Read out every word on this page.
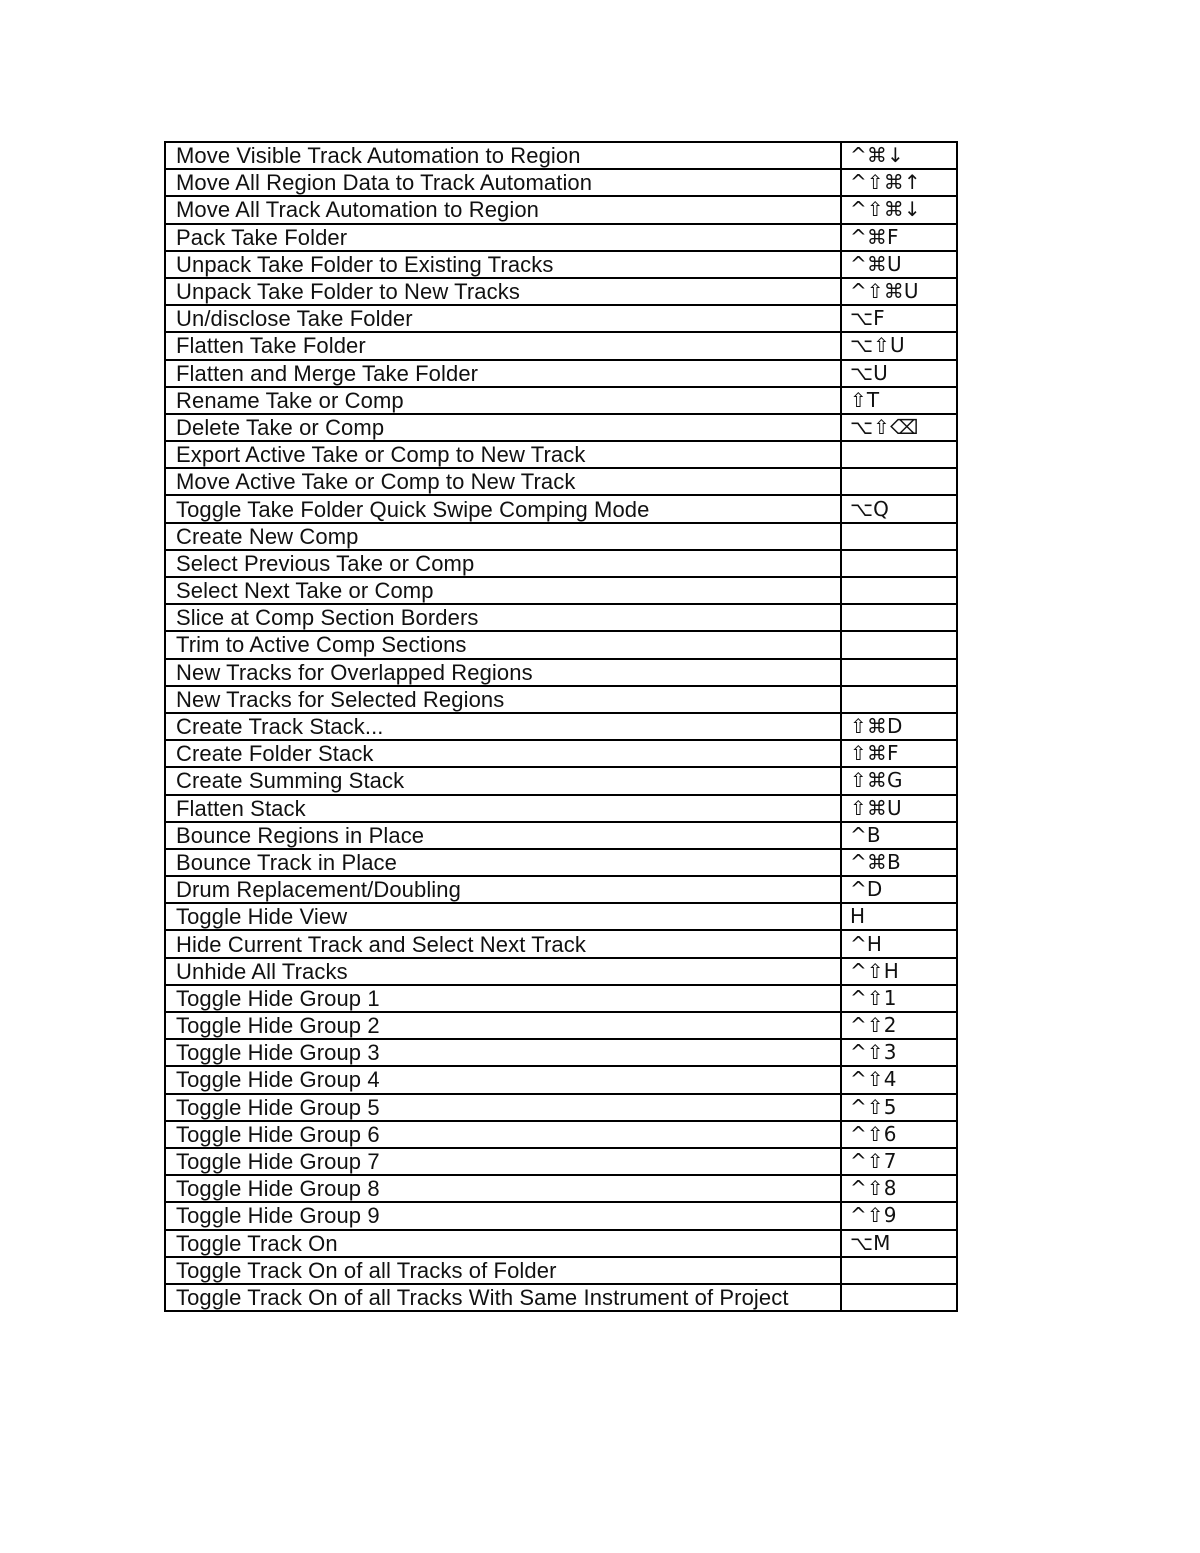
Move Visible Track Automation to Region	^⌘↓
Move All Region Data to Track Automation	^⇧⌘↑
Move All Track Automation to Region	^⇧⌘↓
Pack Take Folder	^⌘F
Unpack Take Folder to Existing Tracks	^⌘U
Unpack Take Folder to New Tracks	^⇧⌘U
Un/disclose Take Folder	⌥F
Flatten Take Folder	⌥⇧U
Flatten and Merge Take Folder	⌥U
Rename Take or Comp	⇧T
Delete Take or Comp	⌥⇧⌫
Export Active Take or Comp to New Track	
Move Active Take or Comp to New Track	
Toggle Take Folder Quick Swipe Comping Mode	⌥Q
Create New Comp	
Select Previous Take or Comp	
Select Next Take or Comp	
Slice at Comp Section Borders	
Trim to Active Comp Sections	
New Tracks for Overlapped Regions	
New Tracks for Selected Regions	
Create Track Stack...	⇧⌘D
Create Folder Stack	⇧⌘F
Create Summing Stack	⇧⌘G
Flatten Stack	⇧⌘U
Bounce Regions in Place	^B
Bounce Track in Place	^⌘B
Drum Replacement/Doubling	^D
Toggle Hide View	H
Hide Current Track and Select Next Track	^H
Unhide All Tracks	^⇧H
Toggle Hide Group 1	^⇧1
Toggle Hide Group 2	^⇧2
Toggle Hide Group 3	^⇧3
Toggle Hide Group 4	^⇧4
Toggle Hide Group 5	^⇧5
Toggle Hide Group 6	^⇧6
Toggle Hide Group 7	^⇧7
Toggle Hide Group 8	^⇧8
Toggle Hide Group 9	^⇧9
Toggle Track On	⌥M
Toggle Track On of all Tracks of Folder	
Toggle Track On of all Tracks With Same Instrument of Project	
